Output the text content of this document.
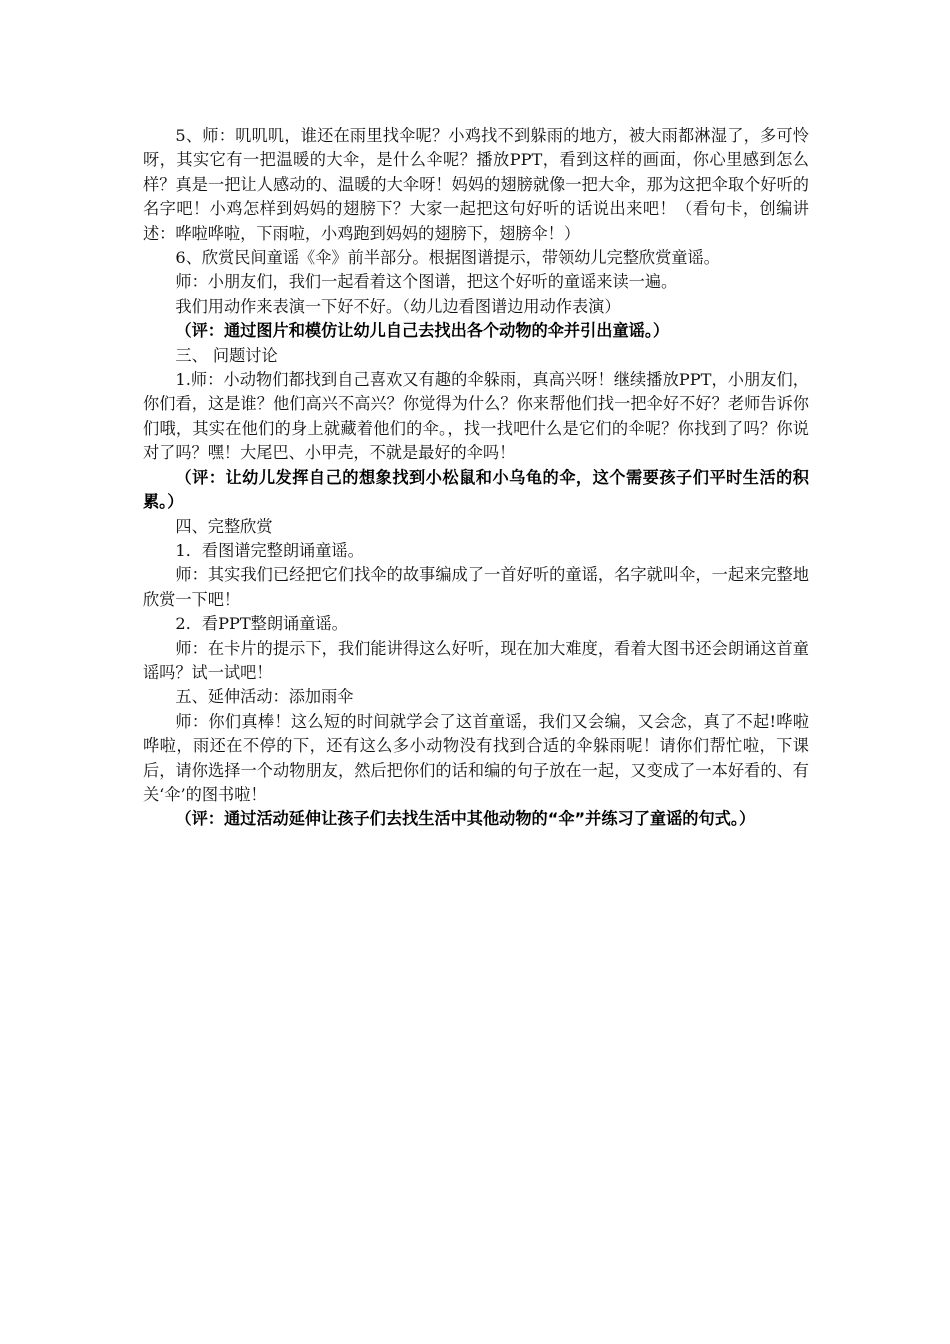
5、师：叽叽叽，谁还在雨里找伞呢？小鸡找不到躲雨的地方，被大雨都淋湿了，多可怜呀，其实它有一把温暖的大伞，是什么伞呢？播放PPT，看到这样的画面，你心里感到怎么样？真是一把让人感动的、温暖的大伞呀！妈妈的翅膀就像一把大伞，那为这把伞取个好听的名字吧！小鸡怎样到妈妈的翅膀下？大家一起把这句好听的话说出来吧！（看句卡，创编讲述：哗啦哗啦，下雨啦，小鸡跑到妈妈的翅膀下，翅膀伞！）

6、欣赏民间童谣《伞》前半部分。根据图谱提示，带领幼儿完整欣赏童谣。

师：小朋友们，我们一起看着这个图谱，把这个好听的童谣来读一遍。

我们用动作来表演一下好不好。（幼儿边看图谱边用动作表演）

（评：通过图片和模仿让幼儿自己去找出各个动物的伞并引出童谣。）

三、 问题讨论

1.师：小动物们都找到自己喜欢又有趣的伞躲雨，真高兴呀！继续播放PPT，小朋友们，你们看，这是谁？他们高兴不高兴？你觉得为什么？你来帮他们找一把伞好不好？老师告诉你们哦，其实在他们的身上就藏着他们的伞。，找一找吧什么是它们的伞呢？你找到了吗？你说对了吗？嘿！大尾巴、小甲壳，不就是最好的伞吗！

（评：让幼儿发挥自己的想象找到小松鼠和小乌龟的伞，这个需要孩子们平时生活的积累。）

四、完整欣赏

1．看图谱完整朗诵童谣。

师：其实我们已经把它们找伞的故事编成了一首好听的童谣，名字就叫伞，一起来完整地欣赏一下吧！

2．看PPT整朗诵童谣。

师：在卡片的提示下，我们能讲得这么好听，现在加大难度，看着大图书还会朗诵这首童谣吗？试一试吧！

五、延伸活动：添加雨伞

师：你们真棒！这么短的时间就学会了这首童谣，我们又会编，又会念，真了不起!哗啦哗啦，雨还在不停的下，还有这么多小动物没有找到合适的伞躲雨呢！请你们帮忙啦，下课后，请你选择一个动物朋友，然后把你们的话和编的句子放在一起，又变成了一本好看的、有关‘伞’的图书啦！

（评：通过活动延伸让孩子们去找生活中其他动物的“伞”并练习了童谣的句式。）
